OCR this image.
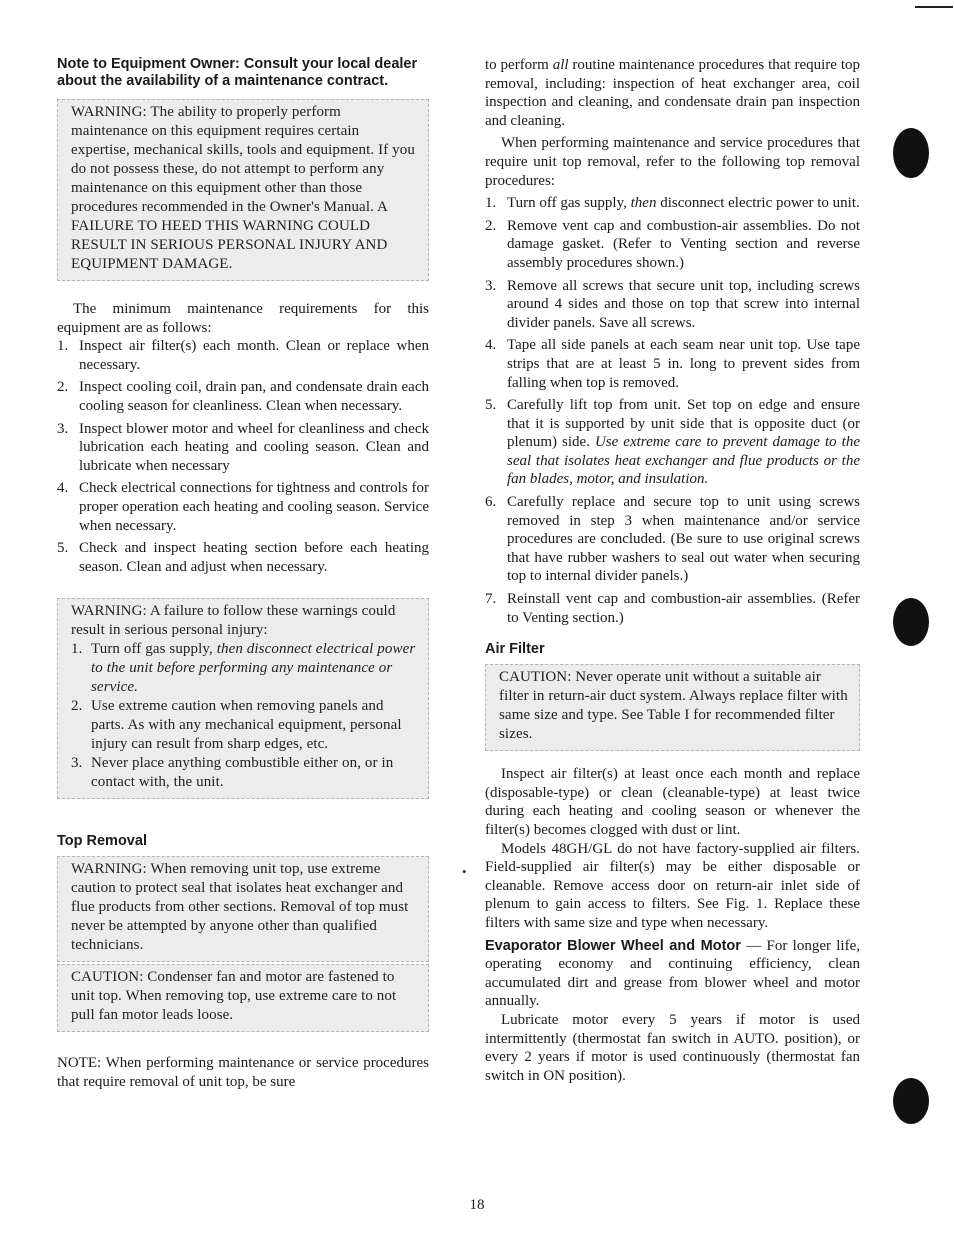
Note to Equipment Owner: Consult your local dealer about the availability of a maintenance contract.

WARNING: The ability to properly perform maintenance on this equipment requires certain expertise, mechanical skills, tools and equipment. If you do not possess these, do not attempt to perform any maintenance on this equipment other than those procedures recommended in the Owner's Manual. A FAILURE TO HEED THIS WARNING COULD RESULT IN SERIOUS PERSONAL INJURY AND EQUIPMENT DAMAGE.

The minimum maintenance requirements for this equipment are as follows:

1. Inspect air filter(s) each month. Clean or replace when necessary.
2. Inspect cooling coil, drain pan, and condensate drain each cooling season for cleanliness. Clean when necessary.
3. Inspect blower motor and wheel for cleanliness and check lubrication each heating and cooling season. Clean and lubricate when necessary
4. Check electrical connections for tightness and controls for proper operation each heating and cooling season. Service when necessary.
5. Check and inspect heating section before each heating season. Clean and adjust when necessary.

WARNING: A failure to follow these warnings could result in serious personal injury:

1. Turn off gas supply, then disconnect electrical power to the unit before performing any maintenance or service.
2. Use extreme caution when removing panels and parts. As with any mechanical equipment, personal injury can result from sharp edges, etc.
3. Never place anything combustible either on, or in contact with, the unit.

Top Removal

WARNING: When removing unit top, use extreme caution to protect seal that isolates heat exchanger and flue products from other sections. Removal of top must never be attempted by anyone other than qualified technicians.

CAUTION: Condenser fan and motor are fastened to unit top. When removing top, use extreme care to not pull fan motor leads loose.

NOTE: When performing maintenance or service procedures that require removal of unit top, be sure

to perform all routine maintenance procedures that require top removal, including: inspection of heat exchanger area, coil inspection and cleaning, and condensate drain pan inspection and cleaning.

When performing maintenance and service procedures that require unit top removal, refer to the following top removal procedures:

1. Turn off gas supply, then disconnect electric power to unit.
2. Remove vent cap and combustion-air assemblies. Do not damage gasket. (Refer to Venting section and reverse assembly procedures shown.)
3. Remove all screws that secure unit top, including screws around 4 sides and those on top that screw into internal divider panels. Save all screws.
4. Tape all side panels at each seam near unit top. Use tape strips that are at least 5 in. long to prevent sides from falling when top is removed.
5. Carefully lift top from unit. Set top on edge and ensure that it is supported by unit side that is opposite duct (or plenum) side. Use extreme care to prevent damage to the seal that isolates heat exchanger and flue products or the fan blades, motor, and insulation.
6. Carefully replace and secure top to unit using screws removed in step 3 when maintenance and/or service procedures are concluded. (Be sure to use original screws that have rubber washers to seal out water when securing top to internal divider panels.)
7. Reinstall vent cap and combustion-air assemblies. (Refer to Venting section.)

Air Filter

CAUTION: Never operate unit without a suitable air filter in return-air duct system. Always replace filter with same size and type. See Table I for recommended filter sizes.

Inspect air filter(s) at least once each month and replace (disposable-type) or clean (cleanable-type) at least twice during each heating and cooling season or whenever the filter(s) becomes clogged with dust or lint.

Models 48GH/GL do not have factory-supplied air filters. Field-supplied air filter(s) may be either disposable or cleanable. Remove access door on return-air inlet side of plenum to gain access to filters. See Fig. 1. Replace these filters with same size and type when necessary.

Evaporator Blower Wheel and Motor — For longer life, operating economy and continuing efficiency, clean accumulated dirt and grease from blower wheel and motor annually.

Lubricate motor every 5 years if motor is used intermittently (thermostat fan switch in AUTO. position), or every 2 years if motor is used continuously (thermostat fan switch in ON position).

•
18
